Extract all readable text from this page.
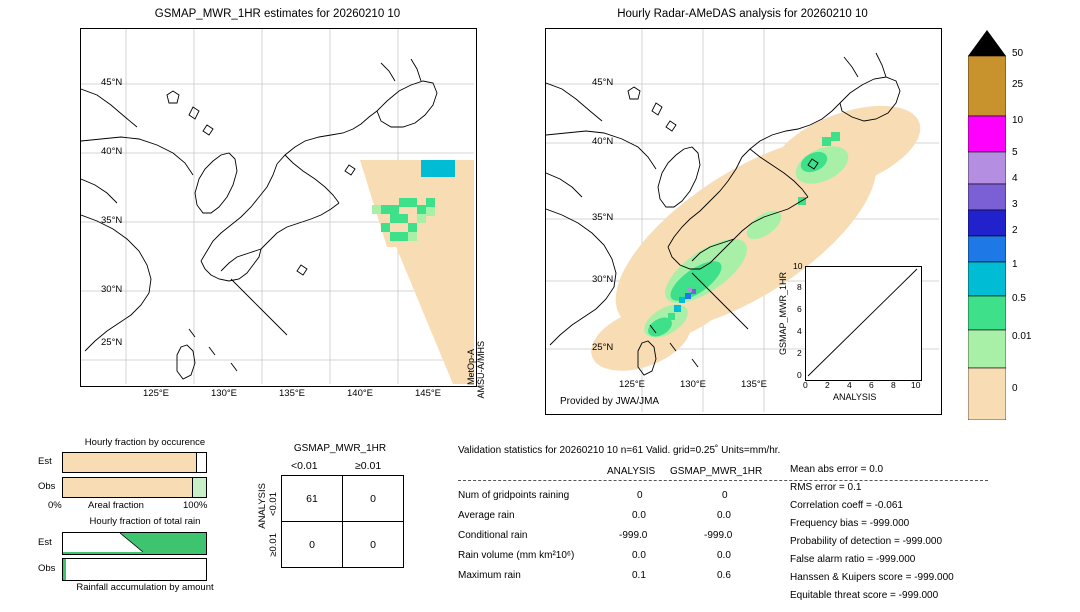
GSMAP_MWR_1HR estimates for 20260210 10
45°N
40°N
35°N
30°N
25°N
125°E	130°E	135°E	140°E	145°E
MetOp-A AMSU-A/MHS
Hourly Radar-AMeDAS analysis for 20260210 10
45°N
40°N
35°N
30°N
25°N
125°E	130°E	135°E
Provided by JWA/JMA
GSMAP_MWR_1HR
ANALYSIS
10
8
6
4
2
0
0 2 4 6 8 10
50
25
10
5
4
3
2
1
0.5
0.01
0
Hourly fraction by occurence
Est
Obs
0%	Areal fraction	100%
Hourly fraction of total rain
Est
Obs
Rainfall accumulation by amount
GSMAP_MWR_1HR
<0.01	≥0.01
ANALYSIS <0.01
≥0.01
61	0
0	0
Validation statistics for 20260210 10 n=61 Valid. grid=0.25˚ Units=mm/hr.
ANALYSIS GSMAP_MWR_1HR
Num of gridpoints raining	0	0
Average rain	0.0	0.0
Conditional rain	-999.0	-999.0
Rain volume (mm km²10⁶)	0.0	0.0
Maximum rain	0.1	0.6
Mean abs error = 0.0
RMS error = 0.1
Correlation coeff = -0.061
Frequency bias = -999.000
Probability of detection = -999.000
False alarm ratio = -999.000
Hanssen & Kuipers score = -999.000
Equitable threat score = -999.000
